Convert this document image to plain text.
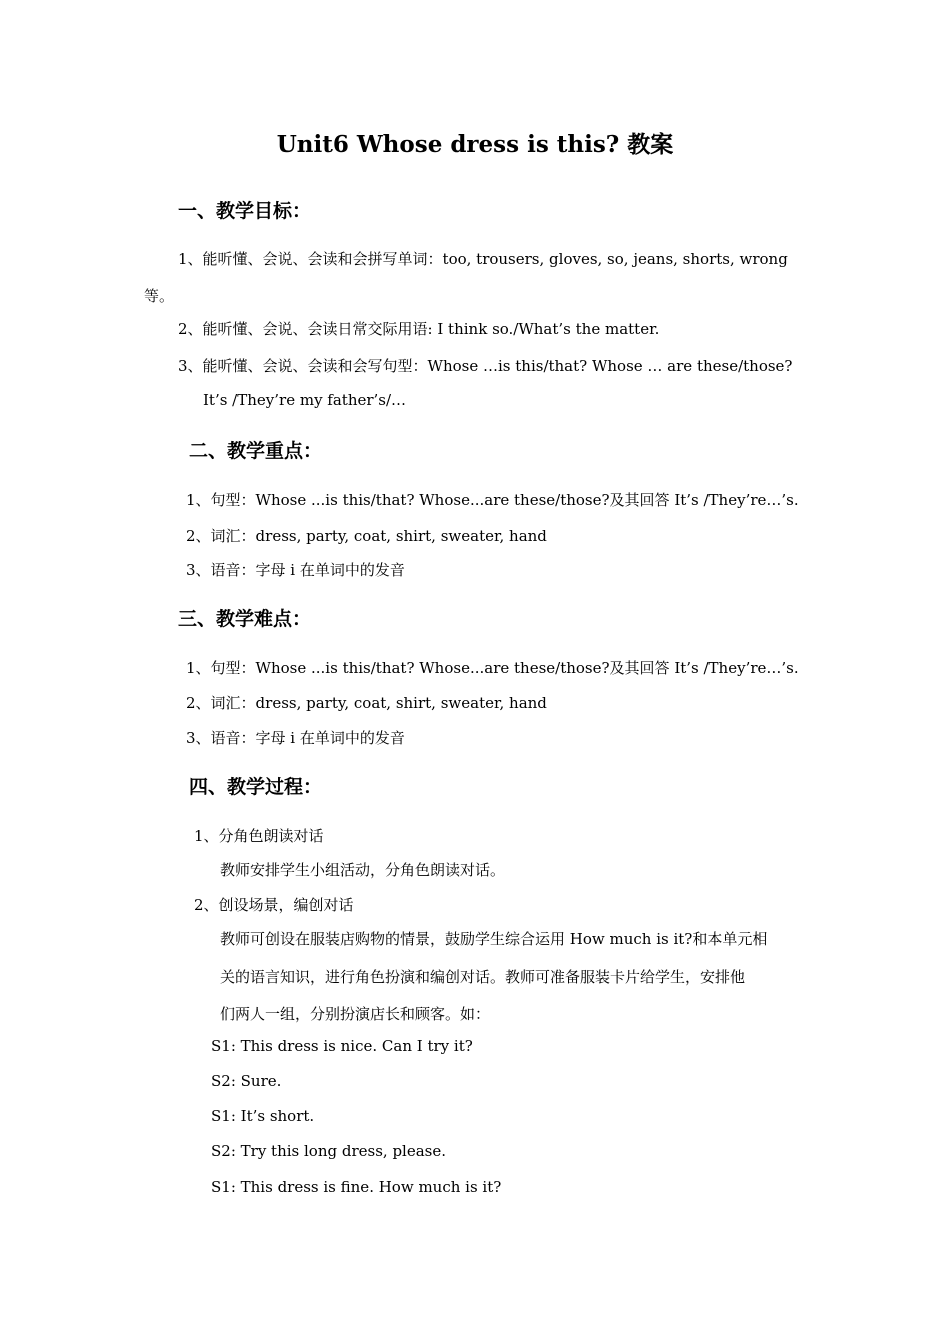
Unit6 Whose dress is this? 教案
一、教学目标：
1、能听懂、会说、会读和会拼写单词：too, trousers, gloves, so, jeans, shorts, wrong
等。
2、能听懂、会说、会读日常交际用语: I think so./What’s the matter.
3、能听懂、会说、会读和会写句型：Whose …is this/that? Whose … are these/those?
It’s /They’re my father’s/…
二、教学重点：
1、句型：Whose ...is this/that? Whose...are these/those?及其回答 It’s /They’re…’s.
2、词汇：dress, party, coat, shirt, sweater, hand
3、语音：字母 i 在单词中的发音
三、教学难点：
1、句型：Whose ...is this/that? Whose...are these/those?及其回答 It’s /They’re…’s.
2、词汇：dress, party, coat, shirt, sweater, hand
3、语音：字母 i 在单词中的发音
四、教学过程：
1、分角色朗读对话
教师安排学生小组活动，分角色朗读对话。
2、创设场景，编创对话
教师可创设在服装店购物的情景，鼓励学生综合运用 How much is it?和本单元相
关的语言知识，进行角色扮演和编创对话。教师可准备服装卡片给学生，安排他
们两人一组，分别扮演店长和顾客。如：
S1: This dress is nice. Can I try it?
S2: Sure.
S1: It’s short.
S2: Try this long dress, please.
S1: This dress is fine. How much is it?
